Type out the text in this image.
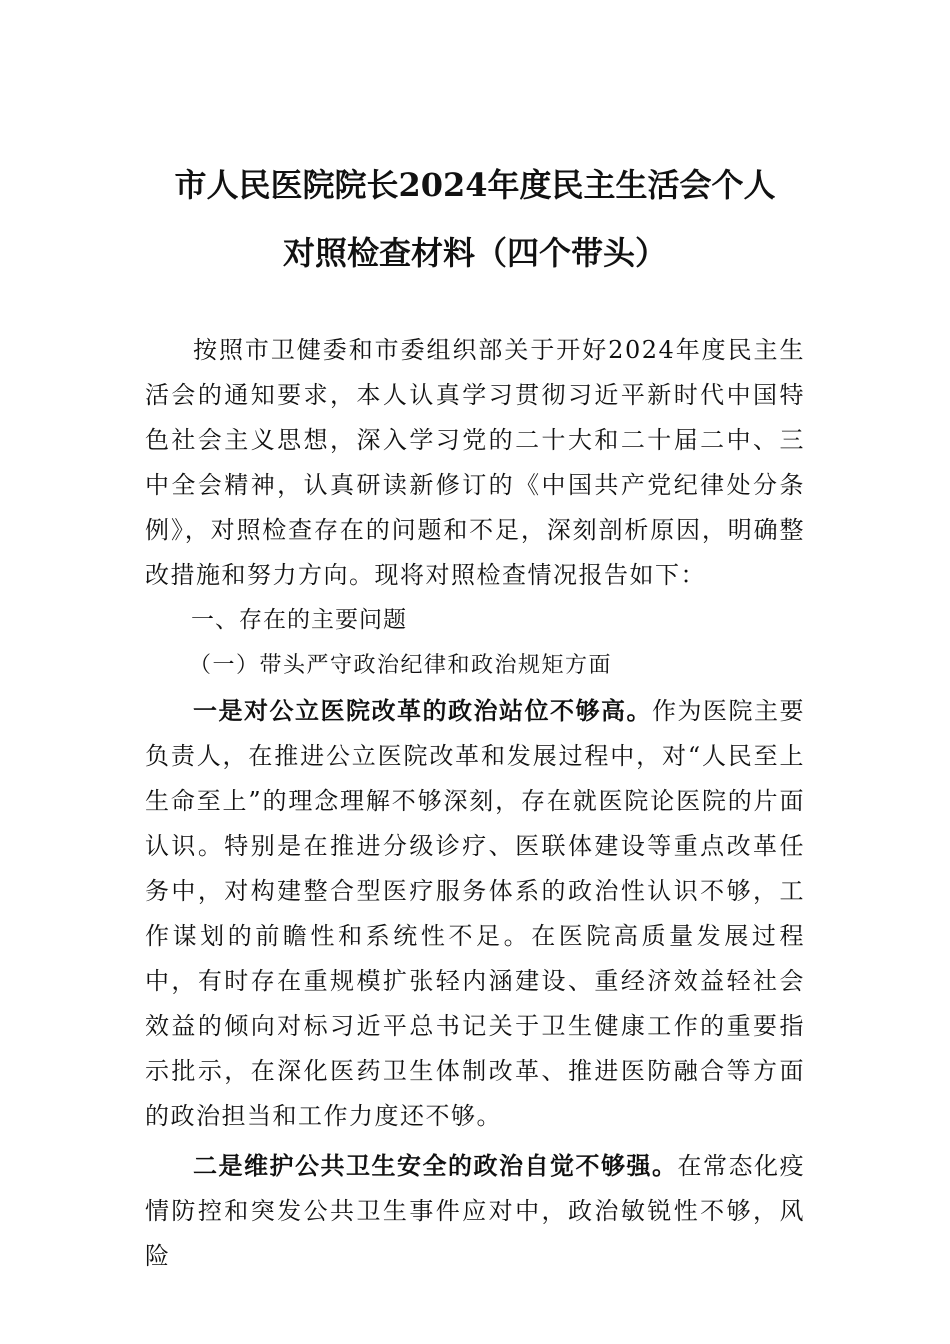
市人民医院院长2024年度民主生活会个人
对照检查材料（四个带头）

按照市卫健委和市委组织部关于开好2024年度民主生活会的通知要求，本人认真学习贯彻习近平新时代中国特色社会主义思想，深入学习党的二十大和二十届二中、三中全会精神，认真研读新修订的《中国共产党纪律处分条例》，对照检查存在的问题和不足，深刻剖析原因，明确整改措施和努力方向。现将对照检查情况报告如下：

一、存在的主要问题

（一）带头严守政治纪律和政治规矩方面

一是对公立医院改革的政治站位不够高。作为医院主要负责人，在推进公立医院改革和发展过程中，对“人民至上生命至上”的理念理解不够深刻，存在就医院论医院的片面认识。特别是在推进分级诊疗、医联体建设等重点改革任务中，对构建整合型医疗服务体系的政治性认识不够，工作谋划的前瞻性和系统性不足。在医院高质量发展过程中，有时存在重规模扩张轻内涵建设、重经济效益轻社会效益的倾向对标习近平总书记关于卫生健康工作的重要指示批示，在深化医药卫生体制改革、推进医防融合等方面的政治担当和工作力度还不够。

二是维护公共卫生安全的政治自觉不够强。在常态化疫情防控和突发公共卫生事件应对中，政治敏锐性不够，风险
